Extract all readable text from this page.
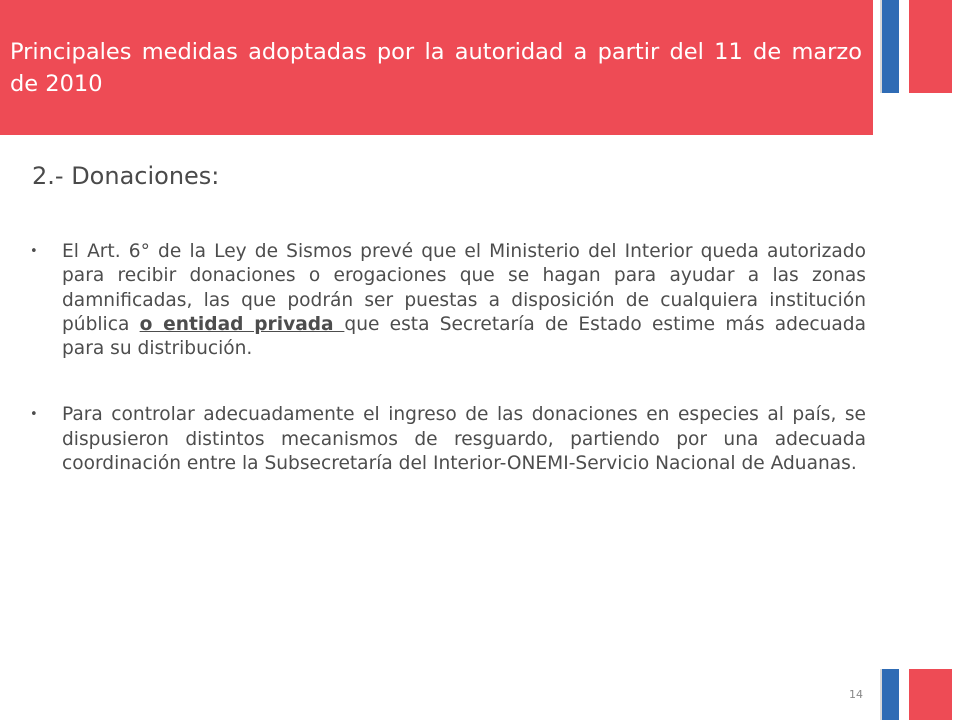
Principales medidas adoptadas por la autoridad a partir del 11 de marzo de 2010
2.- Donaciones:
• El Art. 6° de la Ley de Sismos prevé que el Ministerio del Interior queda autorizado para recibir donaciones o erogaciones que se hagan para ayudar a las zonas damnificadas, las que podrán ser puestas a disposición de cualquiera institución pública o entidad privada que esta Secretaría de Estado estime más adecuada para su distribución.
• Para controlar adecuadamente el ingreso de las donaciones en especies al país, se dispusieron distintos mecanismos de resguardo, partiendo por una adecuada coordinación entre la Subsecretaría del Interior-ONEMI-Servicio Nacional de Aduanas.
14
